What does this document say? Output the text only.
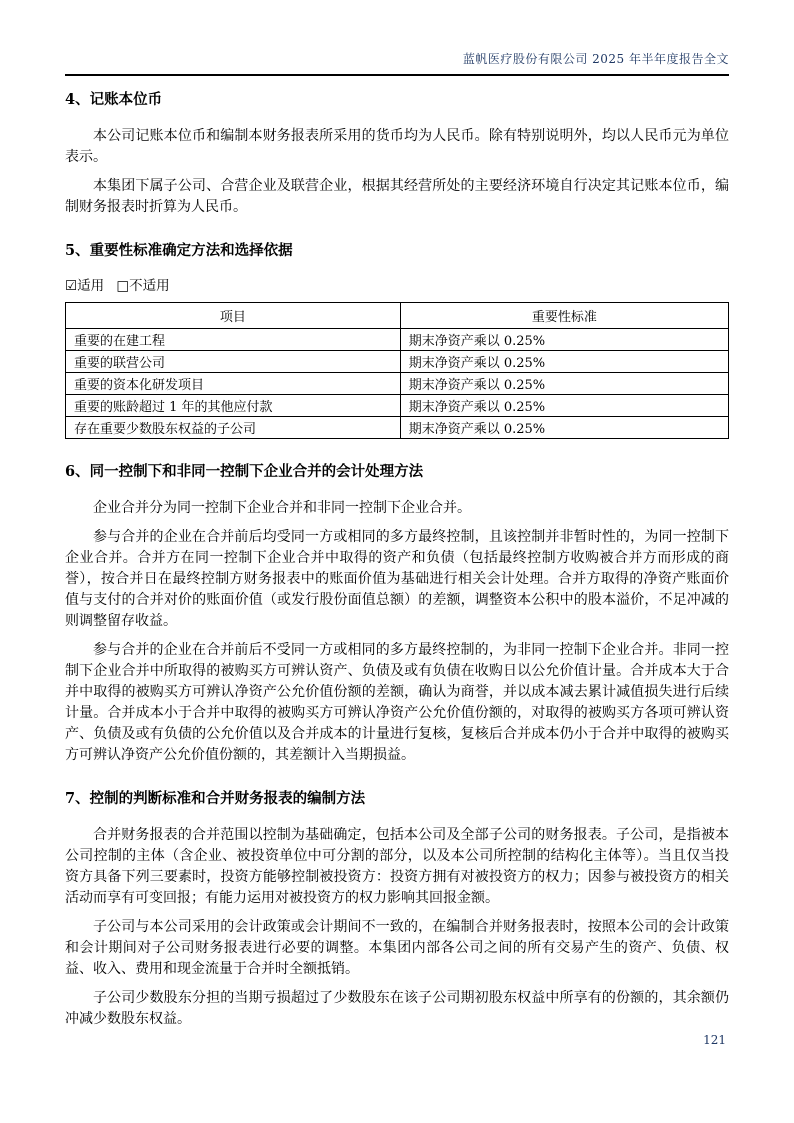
蓝帆医疗股份有限公司 2025 年半年度报告全文
4、记账本位币

本公司记账本位币和编制本财务报表所采用的货币均为人民币。除有特别说明外，均以人民币元为单位表示。

本集团下属子公司、合营企业及联营企业，根据其经营所处的主要经济环境自行决定其记账本位币，编制财务报表时折算为人民币。

5、重要性标准确定方法和选择依据
☑适用 □不适用
项目	重要性标准
重要的在建工程	期末净资产乘以 0.25%
重要的联营公司	期末净资产乘以 0.25%
重要的资本化研发项目	期末净资产乘以 0.25%
重要的账龄超过 1 年的其他应付款	期末净资产乘以 0.25%
存在重要少数股东权益的子公司	期末净资产乘以 0.25%
6、同一控制下和非同一控制下企业合并的会计处理方法

企业合并分为同一控制下企业合并和非同一控制下企业合并。

参与合并的企业在合并前后均受同一方或相同的多方最终控制，且该控制并非暂时性的，为同一控制下企业合并。合并方在同一控制下企业合并中取得的资产和负债（包括最终控制方收购被合并方而形成的商誉），按合并日在最终控制方财务报表中的账面价值为基础进行相关会计处理。合并方取得的净资产账面价值与支付的合并对价的账面价值（或发行股份面值总额）的差额，调整资本公积中的股本溢价，不足冲减的则调整留存收益。

参与合并的企业在合并前后不受同一方或相同的多方最终控制的，为非同一控制下企业合并。非同一控制下企业合并中所取得的被购买方可辨认资产、负债及或有负债在收购日以公允价值计量。合并成本大于合并中取得的被购买方可辨认净资产公允价值份额的差额，确认为商誉，并以成本减去累计减值损失进行后续计量。合并成本小于合并中取得的被购买方可辨认净资产公允价值份额的，对取得的被购买方各项可辨认资产、负债及或有负债的公允价值以及合并成本的计量进行复核，复核后合并成本仍小于合并中取得的被购买方可辨认净资产公允价值份额的，其差额计入当期损益。

7、控制的判断标准和合并财务报表的编制方法

合并财务报表的合并范围以控制为基础确定，包括本公司及全部子公司的财务报表。子公司，是指被本公司控制的主体（含企业、被投资单位中可分割的部分，以及本公司所控制的结构化主体等）。当且仅当投资方具备下列三要素时，投资方能够控制被投资方：投资方拥有对被投资方的权力；因参与被投资方的相关活动而享有可变回报；有能力运用对被投资方的权力影响其回报金额。

子公司与本公司采用的会计政策或会计期间不一致的，在编制合并财务报表时，按照本公司的会计政策和会计期间对子公司财务报表进行必要的调整。本集团内部各公司之间的所有交易产生的资产、负债、权益、收入、费用和现金流量于合并时全额抵销。

子公司少数股东分担的当期亏损超过了少数股东在该子公司期初股东权益中所享有的份额的，其余额仍冲减少数股东权益。

121
